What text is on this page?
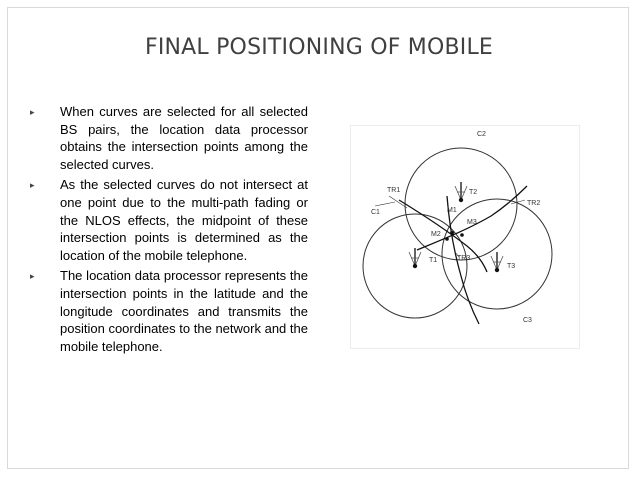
FINAL POSITIONING OF MOBILE
▸ When curves are selected for all selected BS pairs, the location data processor obtains the intersection points among the selected curves.
▸ As the selected curves do not intersect at one point due to the multi-path fading or the NLOS effects, the midpoint of these intersection points is determined as the location of the mobile telephone.
▸ The location data processor represents the intersection points in the latitude and the longitude coordinates and transmits the position coordinates to the network and the mobile telephone.
C2
C1
C3
TR1
TR2
TR3
T2
T1
T3
M1
M2
M3
